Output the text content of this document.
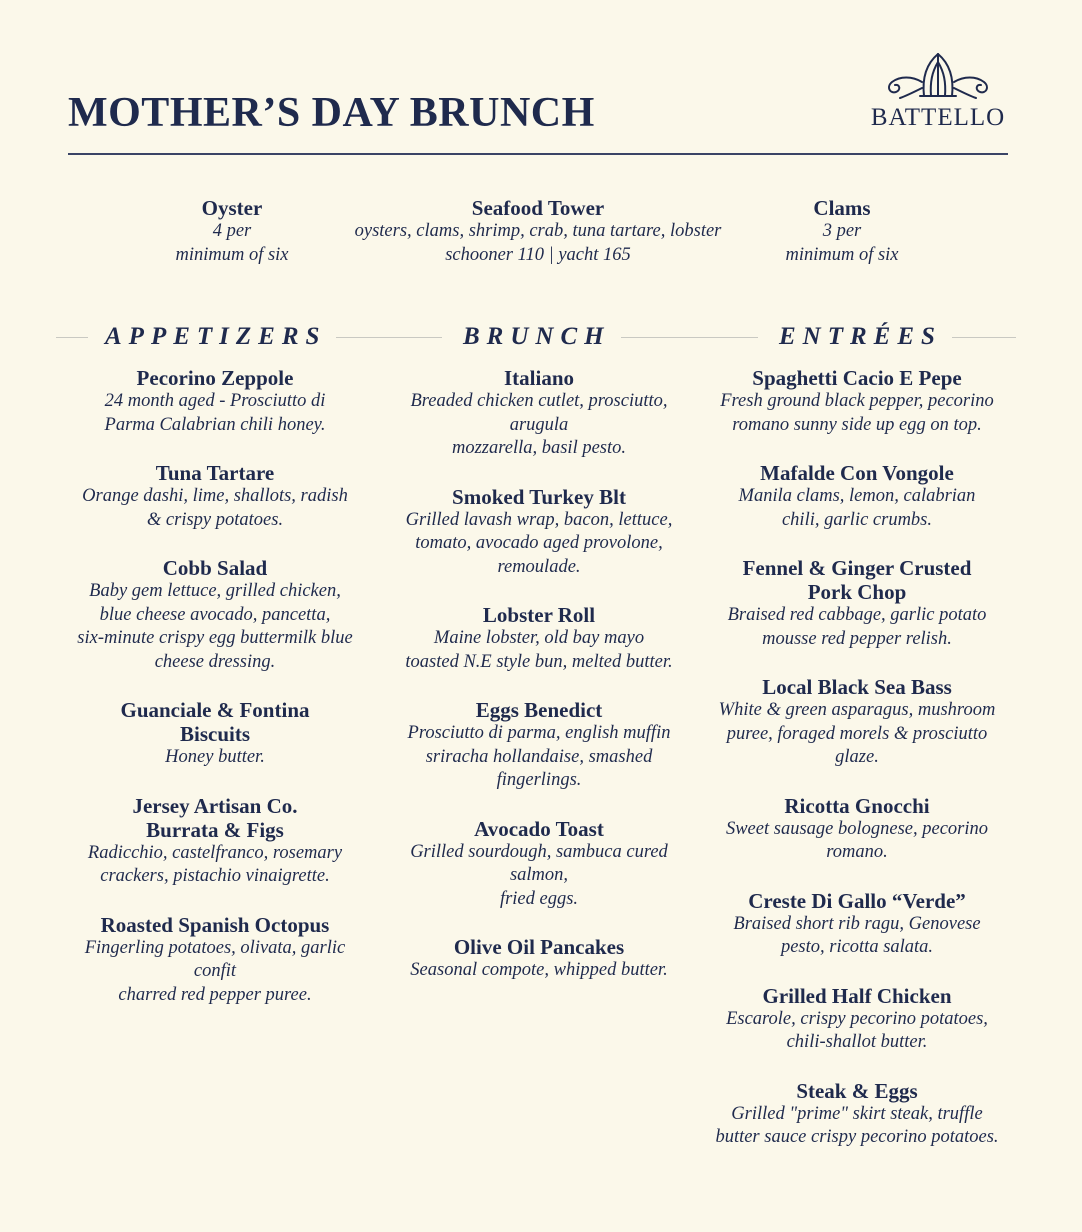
MOTHER’S DAY BRUNCH	BATTELLO
Oyster
4 per
minimum of six
Seafood Tower
oysters, clams, shrimp, crab, tuna tartare, lobster
schooner 110 | yacht 165
Clams
3 per
minimum of six
APPETIZERS	BRUNCH	ENTRÉES
Pecorino Zeppole
24 month aged - Prosciutto di
Parma Calabrian chili honey.
Tuna Tartare
Orange dashi, lime, shallots, radish
& crispy potatoes.
Cobb Salad
Baby gem lettuce, grilled chicken,
blue cheese avocado, pancetta,
six-minute crispy egg buttermilk blue
cheese dressing.
Guanciale & Fontina
Biscuits
Honey butter.
Jersey Artisan Co.
Burrata & Figs
Radicchio, castelfranco, rosemary
crackers, pistachio vinaigrette.
Roasted Spanish Octopus
Fingerling potatoes, olivata, garlic
confit
charred red pepper puree.
Italiano
Breaded chicken cutlet, prosciutto,
arugula
mozzarella, basil pesto.
Smoked Turkey Blt
Grilled lavash wrap, bacon, lettuce,
tomato, avocado aged provolone,
remoulade.
Lobster Roll
Maine lobster, old bay mayo
toasted N.E style bun, melted butter.
Eggs Benedict
Prosciutto di parma, english muffin
sriracha hollandaise, smashed
fingerlings.
Avocado Toast
Grilled sourdough, sambuca cured
salmon,
fried eggs.
Olive Oil Pancakes
Seasonal compote, whipped butter.
Spaghetti Cacio E Pepe
Fresh ground black pepper, pecorino
romano sunny side up egg on top.
Mafalde Con Vongole
Manila clams, lemon, calabrian
chili, garlic crumbs.
Fennel & Ginger Crusted
Pork Chop
Braised red cabbage, garlic potato
mousse red pepper relish.
Local Black Sea Bass
White & green asparagus, mushroom
puree, foraged morels & prosciutto
glaze.
Ricotta Gnocchi
Sweet sausage bolognese, pecorino
romano.
Creste Di Gallo “Verde”
Braised short rib ragu, Genovese
pesto, ricotta salata.
Grilled Half Chicken
Escarole, crispy pecorino potatoes,
chili-shallot butter.
Steak & Eggs
Grilled "prime" skirt steak, truffle
butter sauce crispy pecorino potatoes.
